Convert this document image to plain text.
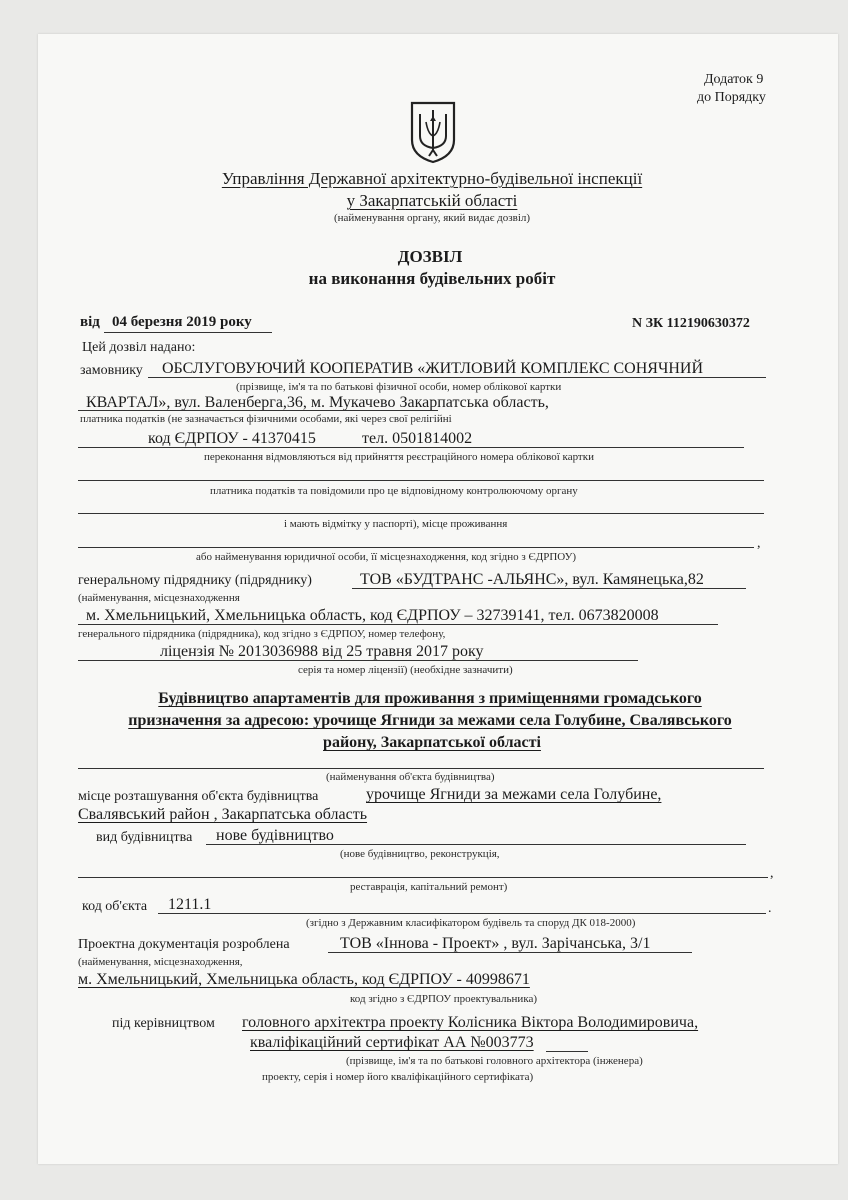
Додаток 9
до Порядку
Управління Державної архітектурно-будівельної інспекції
у Закарпатській області
(найменування органу, який видає дозвіл)
ДОЗВІЛ
на виконання будівельних робіт
від 04 березня 2019 року	N ЗК 112190630372
Цей дозвіл надано:
замовнику ОБСЛУГОВУЮЧИЙ КООПЕРАТИВ «ЖИТЛОВИЙ КОМПЛЕКС СОНЯЧНИЙ
(прізвище, ім'я та по батькові фізичної особи, номер облікової картки
КВАРТАЛ», вул. Валенберга,36, м. Мукачево Закарпатська область,
платника податків (не зазначається фізичними особами, які через свої релігійні
код ЄДРПОУ - 41370415	тел. 0501814002
переконання відмовляються від прийняття реєстраційного номера облікової картки
платника податків та повідомили про це відповідному контролюючому органу
і мають відмітку у паспорті), місце проживання
,
або найменування юридичної особи, її місцезнаходження, код згідно з ЄДРПОУ)
генеральному підряднику (підряднику)	ТОВ «БУДТРАНС -АЛЬЯНС», вул. Камянецька,82
(найменування, місцезнаходження
м. Хмельницький, Хмельницька область, код ЄДРПОУ – 32739141, тел. 0673820008
генерального підрядника (підрядника), код згідно з ЄДРПОУ, номер телефону,
ліцензія № 2013036988 від 25 травня 2017 року
серія та номер ліцензії) (необхідне зазначити)
Будівництво апартаментів для проживання з приміщеннями громадського
призначення за адресою: урочище Ягниди за межами села Голубине, Свалявського
району, Закарпатської області
(найменування об'єкта будівництва)
місце розташування об'єкта будівництва	урочище Ягниди за межами села Голубине,
Свалявський район , Закарпатська область
вид будівництва нове будівництво
(нове будівництво, реконструкція,
,
реставрація, капітальний ремонт)
код об'єкта 1211.1	.
(згідно з Державним класифікатором будівель та споруд ДК 018-2000)
Проектна документація розроблена	ТОВ «Іннова - Проект» , вул. Зарічанська, 3/1
(найменування, місцезнаходження,
м. Хмельницький, Хмельницька область, код ЄДРПОУ - 40998671
код згідно з ЄДРПОУ проектувальника)
під керівництвом головного архітектра проекту Колісника Віктора Володимировича,
кваліфікаційний сертифікат АА №003773
(прізвище, ім'я та по батькові головного архітектора (інженера)
проекту, серія і номер його кваліфікаційного сертифіката)
